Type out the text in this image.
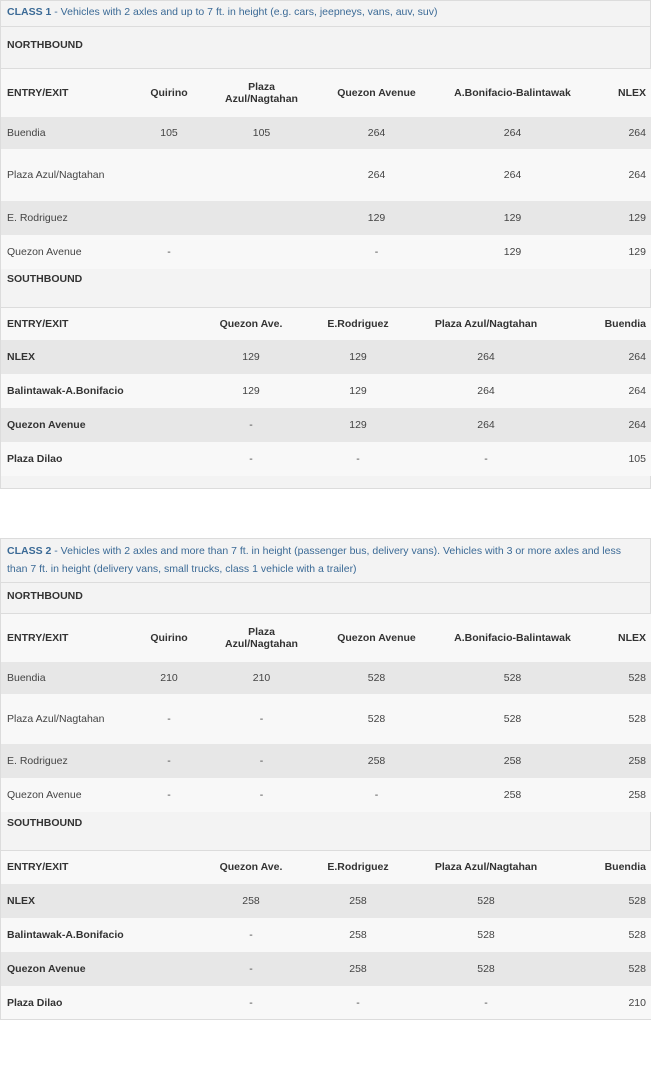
CLASS 1 - Vehicles with 2 axles and up to 7 ft. in height (e.g. cars, jeepneys, vans, auv, suv)
NORTHBOUND
ENTRY/EXIT	Quirino	Plaza Azul/Nagtahan	Quezon Avenue	A.Bonifacio-Balintawak	NLEX
Buendia	105	105	264	264	264
Plaza Azul/Nagtahan			264	264	264
E. Rodriguez			129	129	129
Quezon Avenue	-		-	129	129
SOUTHBOUND
ENTRY/EXIT	Quezon Ave.	E.Rodriguez	Plaza Azul/Nagtahan	Buendia
NLEX	129	129	264	264
Balintawak-A.Bonifacio	129	129	264	264
Quezon Avenue	-	129	264	264
Plaza Dilao	-	-	-	105
CLASS 2 - Vehicles with 2 axles and more than 7 ft. in height (passenger bus, delivery vans). Vehicles with 3 or more axles and less than 7 ft. in height (delivery vans, small trucks, class 1 vehicle with a trailer)
NORTHBOUND
ENTRY/EXIT	Quirino	Plaza Azul/Nagtahan	Quezon Avenue	A.Bonifacio-Balintawak	NLEX
Buendia	210	210	528	528	528
Plaza Azul/Nagtahan	-	-	528	528	528
E. Rodriguez	-	-	258	258	258
Quezon Avenue	-	-	-	258	258
SOUTHBOUND
ENTRY/EXIT	Quezon Ave.	E.Rodriguez	Plaza Azul/Nagtahan	Buendia
NLEX	258	258	528	528
Balintawak-A.Bonifacio	-	258	528	528
Quezon Avenue	-	258	528	528
Plaza Dilao	-	-	-	210
